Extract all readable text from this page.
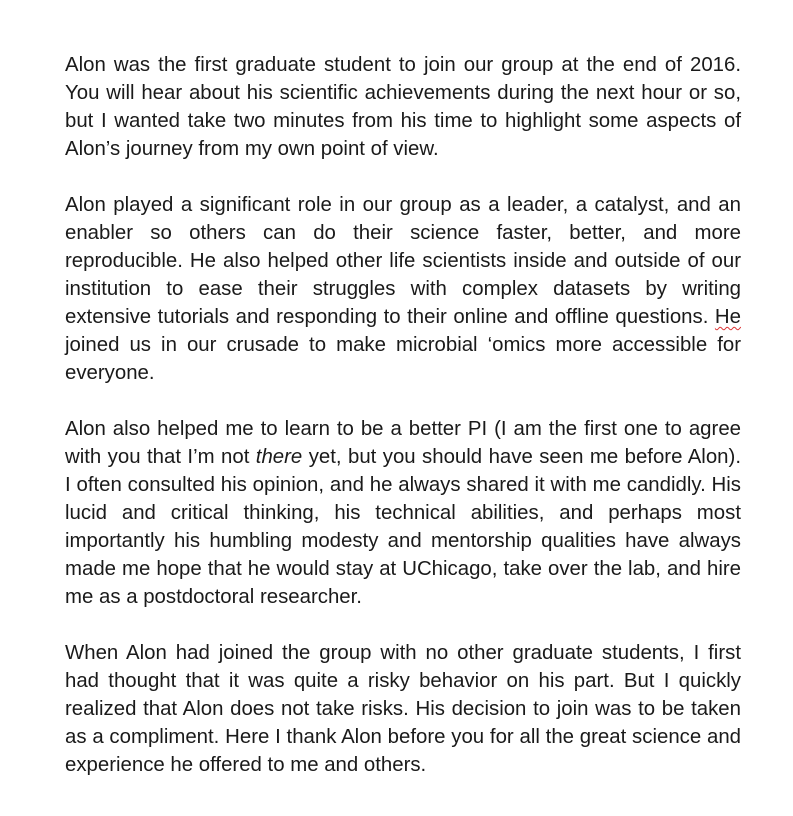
Alon was the first graduate student to join our group at the end of 2016. You will hear about his scientific achievements during the next hour or so, but I wanted take two minutes from his time to highlight some aspects of Alon’s journey from my own point of view.

Alon played a significant role in our group as a leader, a catalyst, and an enabler so others can do their science faster, better, and more reproducible. He also helped other life scientists inside and outside of our institution to ease their struggles with complex datasets by writing extensive tutorials and responding to their online and offline questions. He joined us in our crusade to make microbial ‘omics more accessible for everyone.

Alon also helped me to learn to be a better PI (I am the first one to agree with you that I’m not there yet, but you should have seen me before Alon). I often consulted his opinion, and he always shared it with me candidly. His lucid and critical thinking, his technical abilities, and perhaps most importantly his humbling modesty and mentorship qualities have always made me hope that he would stay at UChicago, take over the lab, and hire me as a postdoctoral researcher.

When Alon had joined the group with no other graduate students, I first had thought that it was quite a risky behavior on his part. But I quickly realized that Alon does not take risks. His decision to join was to be taken as a compliment. Here I thank Alon before you for all the great science and experience he offered to me and others.
